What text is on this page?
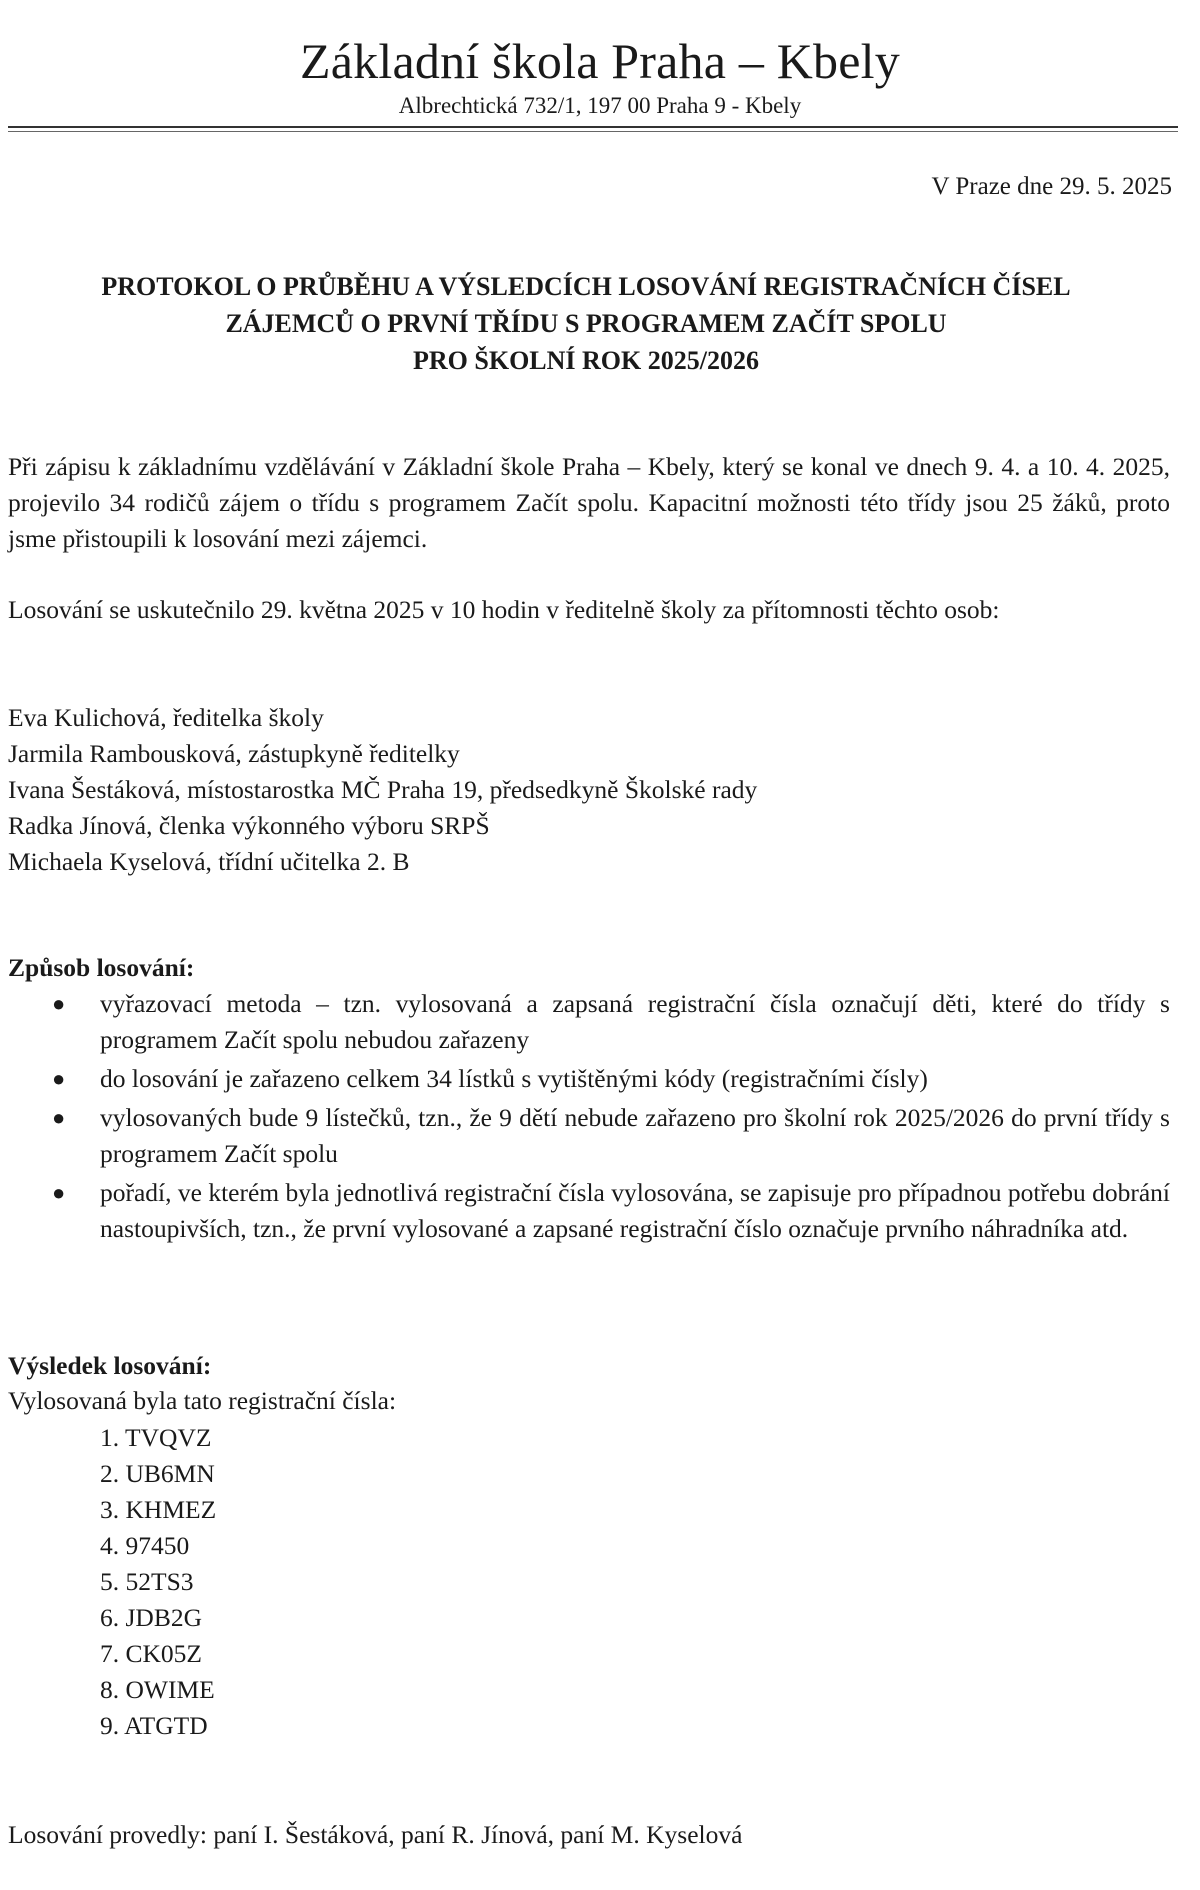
Základní škola Praha – Kbely
Albrechtická 732/1, 197 00 Praha 9 - Kbely
V Praze dne 29. 5. 2025
PROTOKOL O PRŮBĚHU A VÝSLEDCÍCH LOSOVÁNÍ REGISTRAČNÍCH ČÍSEL
ZÁJEMCŮ O PRVNÍ TŘÍDU S PROGRAMEM ZAČÍT SPOLU
PRO ŠKOLNÍ ROK 2025/2026
Při zápisu k základnímu vzdělávání v Základní škole Praha – Kbely, který se konal ve dnech 9. 4. a 10. 4. 2025, projevilo 34 rodičů zájem o třídu s programem Začít spolu. Kapacitní možnosti této třídy jsou 25 žáků, proto jsme přistoupili k losování mezi zájemci.
Losování se uskutečnilo 29. května 2025 v 10 hodin v ředitelně školy za přítomnosti těchto osob:
Eva Kulichová, ředitelka školy
Jarmila Rambousková, zástupkyně ředitelky
Ivana Šestáková, místostarostka MČ Praha 19, předsedkyně Školské rady
Radka Jínová, členka výkonného výboru SRPŠ
Michaela Kyselová, třídní učitelka 2. B
Způsob losování:
● vyřazovací metoda – tzn. vylosovaná a zapsaná registrační čísla označují děti, které do třídy s programem Začít spolu nebudou zařazeny
● do losování je zařazeno celkem 34 lístků s vytištěnými kódy (registračními čísly)
● vylosovaných bude 9 lístečků, tzn., že 9 dětí nebude zařazeno pro školní rok 2025/2026 do první třídy s programem Začít spolu
● pořadí, ve kterém byla jednotlivá registrační čísla vylosována, se zapisuje pro případnou potřebu dobrání nastoupivších, tzn., že první vylosované a zapsané registrační číslo označuje prvního náhradníka atd.
Výsledek losování:
Vylosovaná byla tato registrační čísla:
1. TVQVZ
2. UB6MN
3. KHMEZ
4. 97450
5. 52TS3
6. JDB2G
7. CK05Z
8. OWIME
9. ATGTD
Losování provedly: paní I. Šestáková, paní R. Jínová, paní M. Kyselová
